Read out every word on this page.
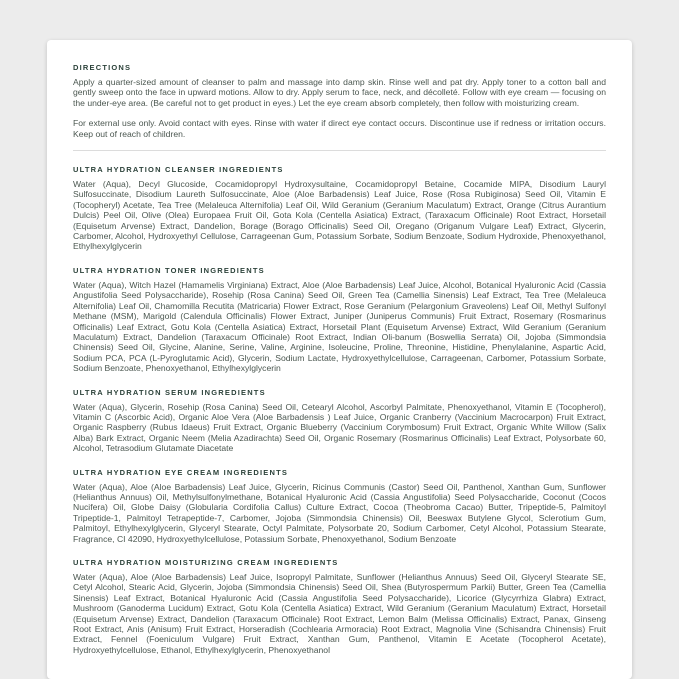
DIRECTIONS

Apply a quarter-sized amount of cleanser to palm and massage into damp skin. Rinse well and pat dry. Apply toner to a cotton ball and gently sweep onto the face in upward motions. Allow to dry. Apply serum to face, neck, and décolleté. Follow with eye cream — focusing on the under-eye area. (Be careful not to get product in eyes.) Let the eye cream absorb completely, then follow with moisturizing cream.

For external use only. Avoid contact with eyes. Rinse with water if direct eye contact occurs. Discontinue use if redness or irritation occurs. Keep out of reach of children.

ULTRA HYDRATION CLEANSER INGREDIENTS

Water (Aqua), Decyl Glucoside, Cocamidopropyl Hydroxysultaine, Cocamidopropyl Betaine, Cocamide MIPA, Disodium Lauryl Sulfosuccinate, Disodium Laureth Sulfosuccinate, Aloe (Aloe Barbadensis) Leaf Juice, Rose (Rosa Rubiginosa) Seed Oil, Vitamin E (Tocopheryl) Acetate, Tea Tree (Melaleuca Alternifolia) Leaf Oil, Wild Geranium (Geranium Maculatum) Extract, Orange (Citrus Aurantium Dulcis) Peel Oil, Olive (Olea) Europaea Fruit Oil, Gota Kola (Centella Asiatica) Extract, (Taraxacum Officinale) Root Extract, Horsetail (Equisetum Arvense) Extract, Dandelion, Borage (Borago Officinalis) Seed Oil, Oregano (Origanum Vulgare Leaf) Extract, Glycerin, Carbomer, Alcohol, Hydroxyethyl Cellulose, Carrageenan Gum, Potassium Sorbate, Sodium Benzoate, Sodium Hydroxide, Phenoxyethanol, Ethylhexylglycerin

ULTRA HYDRATION TONER INGREDIENTS

Water (Aqua), Witch Hazel (Hamamelis Virginiana) Extract, Aloe (Aloe Barbadensis) Leaf Juice, Alcohol, Botanical Hyaluronic Acid (Cassia Angustifolia Seed Polysaccharide), Rosehip (Rosa Canina) Seed Oil, Green Tea (Camellia Sinensis) Leaf Extract, Tea Tree (Melaleuca Alternifolia) Leaf Oil, Chamomilla Recutita (Matricaria) Flower Extract, Rose Geranium (Pelargonium Graveolens) Leaf Oil, Methyl Sulfonyl Methane (MSM), Marigold (Calendula Officinalis) Flower Extract, Juniper (Juniperus Communis) Fruit Extract, Rosemary (Rosmarinus Officinalis) Leaf Extract, Gotu Kola (Centella Asiatica) Extract, Horsetail Plant (Equisetum Arvense) Extract, Wild Geranium (Geranium Maculatum) Extract, Dandelion (Taraxacum Officinale) Root Extract, Indian Oli-banum (Boswellia Serrata) Oil, Jojoba (Simmondsia Chinensis) Seed Oil, Glycine, Alanine, Serine, Valine, Arginine, Isoleucine, Proline, Threonine, Histidine, Phenylalanine, Aspartic Acid, Sodium PCA, PCA (L-Pyroglutamic Acid), Glycerin, Sodium Lactate, Hydroxyethylcellulose, Carrageenan, Carbomer, Potassium Sorbate, Sodium Benzoate, Phenoxyethanol, Ethylhexylglycerin

ULTRA HYDRATION SERUM INGREDIENTS

Water (Aqua), Glycerin, Rosehip (Rosa Canina) Seed Oil, Cetearyl Alcohol, Ascorbyl Palmitate, Phenoxyethanol, Vitamin E (Tocopherol), Vitamin C (Ascorbic Acid), Organic Aloe Vera (Aloe Barbadensis ) Leaf Juice, Organic Cranberry (Vaccinium Macrocarpon) Fruit Extract, Organic Raspberry (Rubus Idaeus) Fruit Extract, Organic Blueberry (Vaccinium Corymbosum) Fruit Extract, Organic White Willow (Salix Alba) Bark Extract, Organic Neem (Melia Azadirachta) Seed Oil, Organic Rosemary (Rosmarinus Officinalis) Leaf Extract, Polysorbate 60, Alcohol, Tetrasodium Glutamate Diacetate

ULTRA HYDRATION EYE CREAM INGREDIENTS

Water (Aqua), Aloe (Aloe Barbadensis) Leaf Juice, Glycerin, Ricinus Communis (Castor) Seed Oil, Panthenol, Xanthan Gum, Sunflower (Helianthus Annuus) Oil, Methylsulfonylmethane, Botanical Hyaluronic Acid (Cassia Angustifolia) Seed Polysaccharide, Coconut (Cocos Nucifera) Oil, Globe Daisy (Globularia Cordifolia Callus) Culture Extract, Cocoa (Theobroma Cacao) Butter, Tripeptide-5, Palmitoyl Tripeptide-1, Palmitoyl Tetrapeptide-7, Carbomer, Jojoba (Simmondsia Chinensis) Oil, Beeswax Butylene Glycol, Sclerotium Gum, Palmitoyl, Ethylhexylglycerin, Glyceryl Stearate, Octyl Palmitate, Polysorbate 20, Sodium Carbomer, Cetyl Alcohol, Potassium Stearate, Fragrance, CI 42090, Hydroxyethylcellulose, Potassium Sorbate, Phenoxyethanol, Sodium Benzoate

ULTRA HYDRATION MOISTURIZING CREAM INGREDIENTS

Water (Aqua), Aloe (Aloe Barbadensis) Leaf Juice, Isopropyl Palmitate, Sunflower (Helianthus Annuus) Seed Oil, Glyceryl Stearate SE, Cetyl Alcohol, Stearic Acid, Glycerin, Jojoba (Simmondsia Chinensis) Seed Oil, Shea (Butyrospermum Parkii) Butter, Green Tea (Camellia Sinensis) Leaf Extract, Botanical Hyaluronic Acid (Cassia Angustifolia Seed Polysaccharide), Licorice (Glycyrrhiza Glabra) Extract, Mushroom (Ganoderma Lucidum) Extract, Gotu Kola (Centella Asiatica) Extract, Wild Geranium (Geranium Maculatum) Extract, Horsetail (Equisetum Arvense) Extract, Dandelion (Taraxacum Officinale) Root Extract, Lemon Balm (Melissa Officinalis) Extract, Panax, Ginseng Root Extract, Anis (Anisum) Fruit Extract, Horseradish (Cochlearia Armoracia) Root Extract, Magnolia Vine (Schisandra Chinensis) Fruit Extract, Fennel (Foeniculum Vulgare) Fruit Extract, Xanthan Gum, Panthenol, Vitamin E Acetate (Tocopherol Acetate), Hydroxyethylcellulose, Ethanol, Ethylhexylglycerin, Phenoxyethanol
